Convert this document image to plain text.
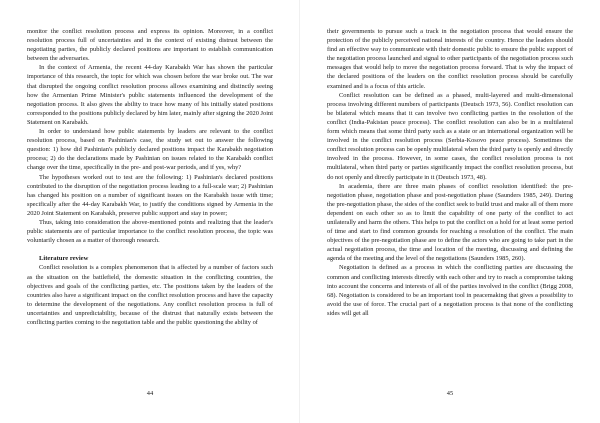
monitor the conflict resolution process and express its opinion. Moreover, in a conflict resolution process full of uncertainties and in the context of existing distrust between the negotiating parties, the publicly declared positions are important to establish communication between the adversaries.

In the context of Armenia, the recent 44-day Karabakh War has shown the particular importance of this research, the topic for which was chosen before the war broke out. The war that disrupted the ongoing conflict resolution process allows examining and distinctly seeing how the Armenian Prime Minister's public statements influenced the development of the negotiation process. It also gives the ability to trace how many of his initially stated positions corresponded to the positions publicly declared by him later, mainly after signing the 2020 Joint Statement on Karabakh.

In order to understand how public statements by leaders are relevant to the conflict resolution process, based on Pashinian's case, the study set out to answer the following question: 1) how did Pashinian's publicly declared positions impact the Karabakh negotiation process; 2) do the declarations made by Pashinian on issues related to the Karabakh conflict change over the time, specifically in the pre- and post-war periods, and if yes, why?

The hypotheses worked out to test are the following: 1) Pashinian's declared positions contributed to the disruption of the negotiation process leading to a full-scale war; 2) Pashinian has changed his position on a number of significant issues on the Karabakh issue with time; specifically after the 44-day Karabakh War, to justify the conditions signed by Armenia in the 2020 Joint Statement on Karabakh, preserve public support and stay in power;

Thus, taking into consideration the above-mentioned points and realizing that the leader's public statements are of particular importance to the conflict resolution process, the topic was voluntarily chosen as a matter of thorough research.

Literature review

Conflict resolution is a complex phenomenon that is affected by a number of factors such as the situation on the battlefield, the domestic situation in the conflicting countries, the objectives and goals of the conflicting parties, etc. The positions taken by the leaders of the countries also have a significant impact on the conflict resolution process and have the capacity to determine the development of the negotiations. Any conflict resolution process is full of uncertainties and unpredictability, because of the distrust that naturally exists between the conflicting parties coming to the negotiation table and the public questioning the ability of

44

their governments to pursue such a track in the negotiation process that would ensure the protection of the publicly perceived national interests of the country. Hence the leaders should find an effective way to communicate with their domestic public to ensure the public support of the negotiation process launched and signal to other participants of the negotiation process such messages that would help to move the negotiation process forward. That is why the impact of the declared positions of the leaders on the conflict resolution process should be carefully examined and is a focus of this article.

Conflict resolution can be defined as a phased, multi-layered and multi-dimensional process involving different numbers of participants (Deutsch 1973, 56). Conflict resolution can be bilateral which means that it can involve two conflicting parties in the resolution of the conflict (India-Pakistan peace process). The conflict resolution can also be in a multilateral form which means that some third party such as a state or an international organization will be involved in the conflict resolution process (Serbia-Kosovo peace process). Sometimes the conflict resolution process can be openly multilateral when the third party is openly and directly involved in the process. However, in some cases, the conflict resolution process is not multilateral, when third party or parties significantly impact the conflict resolution process, but do not openly and directly participate in it (Deutsch 1973, 48).

In academia, there are three main phases of conflict resolution identified: the pre-negotiation phase, negotiation phase and post-negotiation phase (Saunders 1985, 249). During the pre-negotiation phase, the sides of the conflict seek to build trust and make all of them more dependent on each other so as to limit the capability of one party of the conflict to act unilaterally and harm the others. This helps to put the conflict on a hold for at least some period of time and start to find common grounds for reaching a resolution of the conflict. The main objectives of the pre-negotiation phase are to define the actors who are going to take part in the actual negotiation process, the time and location of the meeting, discussing and defining the agenda of the meeting and the level of the negotiations (Saunders 1985, 260).

Negotiation is defined as a process in which the conflicting parties are discussing the common and conflicting interests directly with each other and try to reach a compromise taking into account the concerns and interests of all of the parties involved in the conflict (Brigg 2008, 68). Negotiation is considered to be an important tool in peacemaking that gives a possibility to avoid the use of force. The crucial part of a negotiation process is that none of the conflicting sides will get all

45
